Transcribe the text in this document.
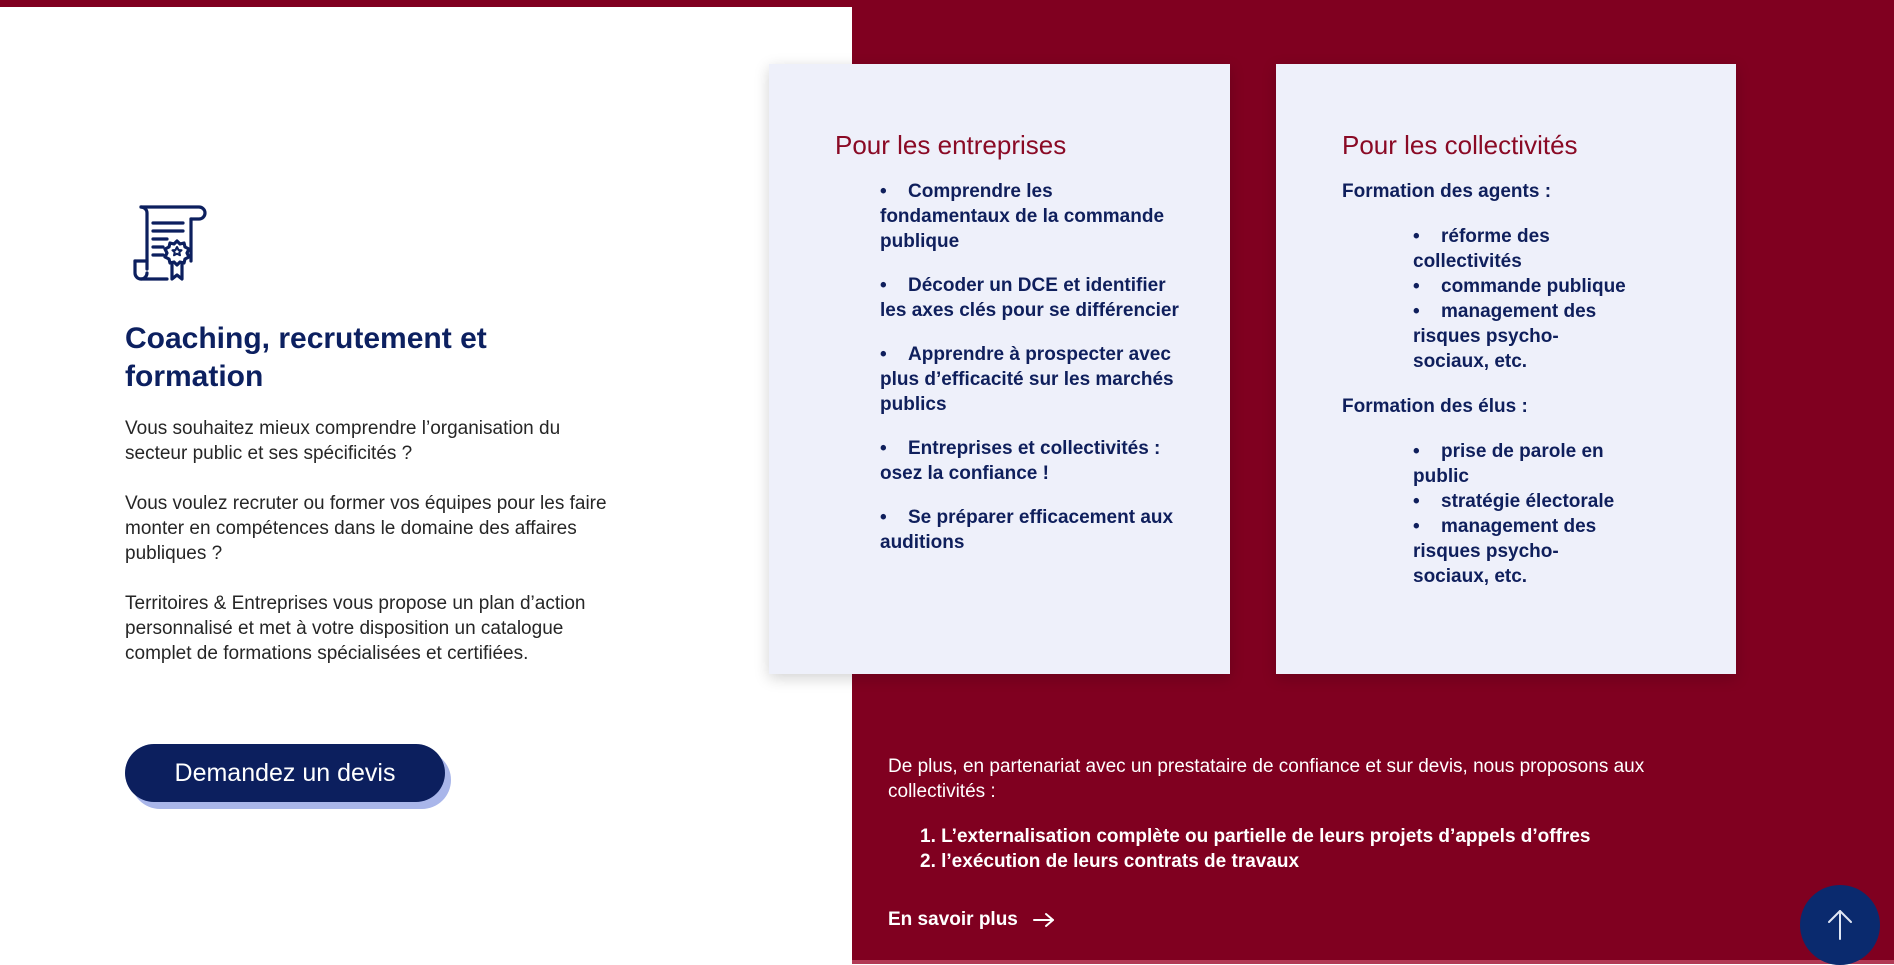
Coaching, recrutement et formation

Vous souhaitez mieux comprendre l’organisation du secteur public et ses spécificités ?

Vous voulez recruter ou former vos équipes pour les faire monter en compétences dans le domaine des affaires publiques ?

Territoires & Entreprises vous propose un plan d’action personnalisé et met à votre disposition un catalogue complet de formations spécialisées et certifiées.

Demandez un devis
Pour les entreprises

• Comprendre les fondamentaux de la commande publique

• Décoder un DCE et identifier les axes clés pour se différencier

• Apprendre à prospecter avec plus d’efficacité sur les marchés publics

• Entreprises et collectivités : osez la confiance !

• Se préparer efficacement aux auditions

Pour les collectivités
Formation des agents :
• réforme des collectivités
• commande publique
• management des risques psycho-sociaux, etc.
Formation des élus :
• prise de parole en public
• stratégie électorale
• management des risques psycho-sociaux, etc.
De plus, en partenariat avec un prestataire de confiance et sur devis, nous proposons aux collectivités :
1. L’externalisation complète ou partielle de leurs projets d’appels d’offres
2. l’exécution de leurs contrats de travaux
En savoir plus
